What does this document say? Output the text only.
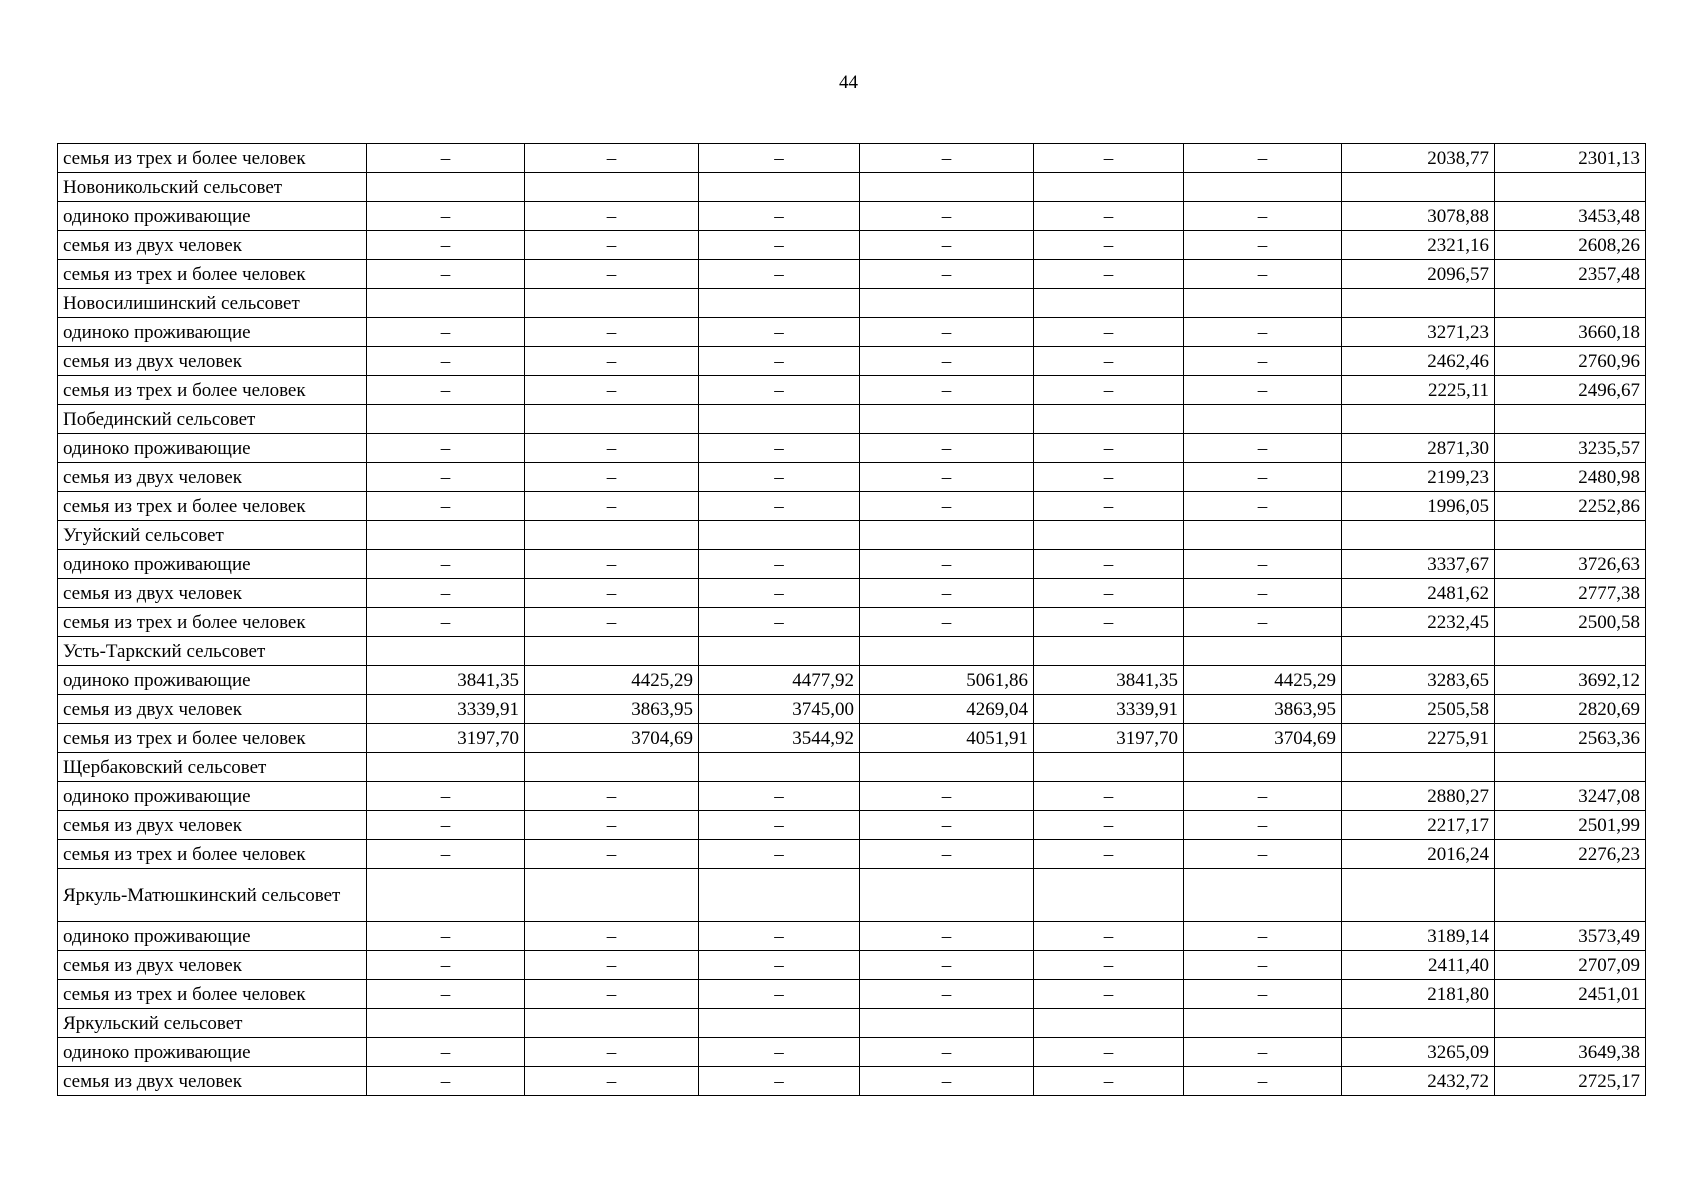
44
семья из трех и более человек	–	–	–	–	–	–	2038,77	2301,13
Новоникольский сельсовет								
одиноко проживающие	–	–	–	–	–	–	3078,88	3453,48
семья из двух человек	–	–	–	–	–	–	2321,16	2608,26
семья из трех и более человек	–	–	–	–	–	–	2096,57	2357,48
Новосилишинский сельсовет								
одиноко проживающие	–	–	–	–	–	–	3271,23	3660,18
семья из двух человек	–	–	–	–	–	–	2462,46	2760,96
семья из трех и более человек	–	–	–	–	–	–	2225,11	2496,67
Побединский сельсовет								
одиноко проживающие	–	–	–	–	–	–	2871,30	3235,57
семья из двух человек	–	–	–	–	–	–	2199,23	2480,98
семья из трех и более человек	–	–	–	–	–	–	1996,05	2252,86
Угуйский сельсовет								
одиноко проживающие	–	–	–	–	–	–	3337,67	3726,63
семья из двух человек	–	–	–	–	–	–	2481,62	2777,38
семья из трех и более человек	–	–	–	–	–	–	2232,45	2500,58
Усть-Таркский сельсовет								
одиноко проживающие	3841,35	4425,29	4477,92	5061,86	3841,35	4425,29	3283,65	3692,12
семья из двух человек	3339,91	3863,95	3745,00	4269,04	3339,91	3863,95	2505,58	2820,69
семья из трех и более человек	3197,70	3704,69	3544,92	4051,91	3197,70	3704,69	2275,91	2563,36
Щербаковский сельсовет								
одиноко проживающие	–	–	–	–	–	–	2880,27	3247,08
семья из двух человек	–	–	–	–	–	–	2217,17	2501,99
семья из трех и более человек	–	–	–	–	–	–	2016,24	2276,23
Яркуль-Матюшкинский сельсовет								
одиноко проживающие	–	–	–	–	–	–	3189,14	3573,49
семья из двух человек	–	–	–	–	–	–	2411,40	2707,09
семья из трех и более человек	–	–	–	–	–	–	2181,80	2451,01
Яркульский сельсовет								
одиноко проживающие	–	–	–	–	–	–	3265,09	3649,38
семья из двух человек	–	–	–	–	–	–	2432,72	2725,17
